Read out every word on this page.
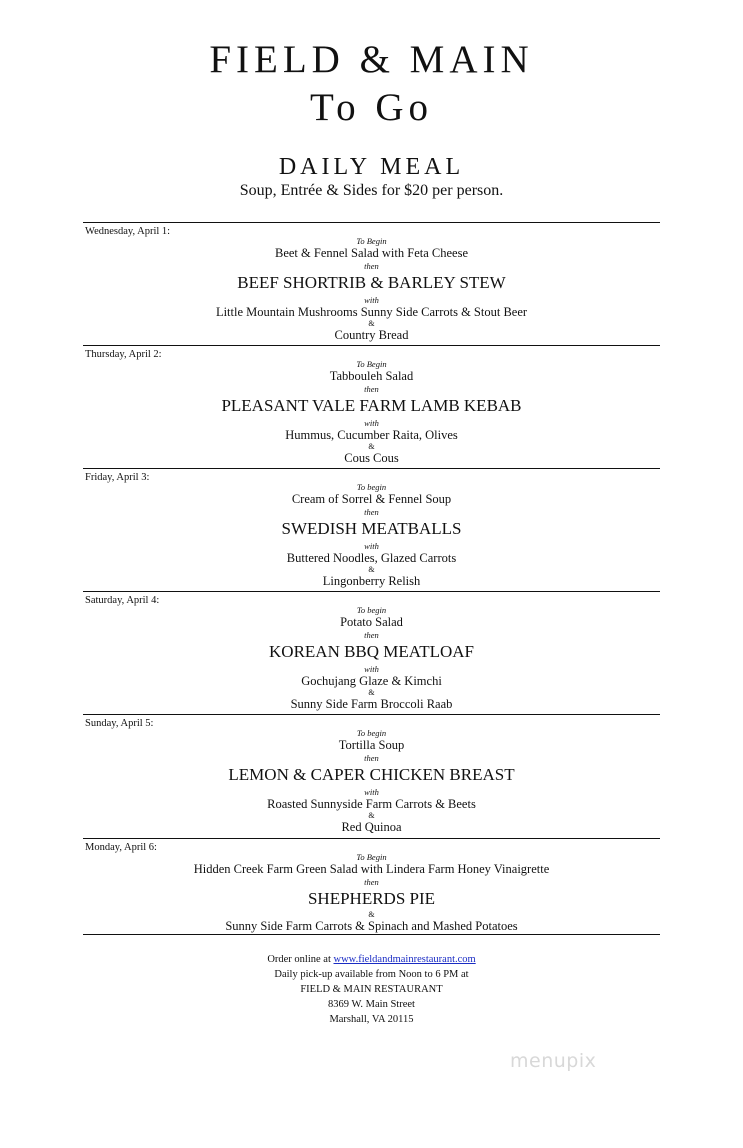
FIELD & MAIN
To Go
DAILY MEAL
Soup, Entrée & Sides for $20 per person.
Wednesday, April 1:
To Begin
Beet & Fennel Salad with Feta Cheese
then
BEEF SHORTRIB & BARLEY STEW
with
Little Mountain Mushrooms Sunny Side Carrots & Stout Beer
&
Country Bread
Thursday, April 2:
To Begin
Tabbouleh Salad
then
PLEASANT VALE FARM LAMB KEBAB
with
Hummus, Cucumber Raita, Olives
&
Cous Cous
Friday, April 3:
To begin
Cream of Sorrel & Fennel Soup
then
SWEDISH MEATBALLS
with
Buttered Noodles, Glazed Carrots
&
Lingonberry Relish
Saturday, April 4:
To begin
Potato Salad
then
KOREAN BBQ MEATLOAF
with
Gochujang Glaze & Kimchi
&
Sunny Side Farm Broccoli Raab
Sunday, April 5:
To begin
Tortilla Soup
then
LEMON & CAPER CHICKEN BREAST
with
Roasted Sunnyside Farm Carrots & Beets
&
Red Quinoa
Monday, April 6:
To Begin
Hidden Creek Farm Green Salad with Lindera Farm Honey Vinaigrette
then
SHEPHERDS PIE
&
Sunny Side Farm Carrots & Spinach and Mashed Potatoes
Order online at www.fieldandmainrestaurant.com
Daily pick-up available from Noon to 6 PM at
FIELD & MAIN RESTAURANT
8369 W. Main Street
Marshall, VA 20115
menupix
